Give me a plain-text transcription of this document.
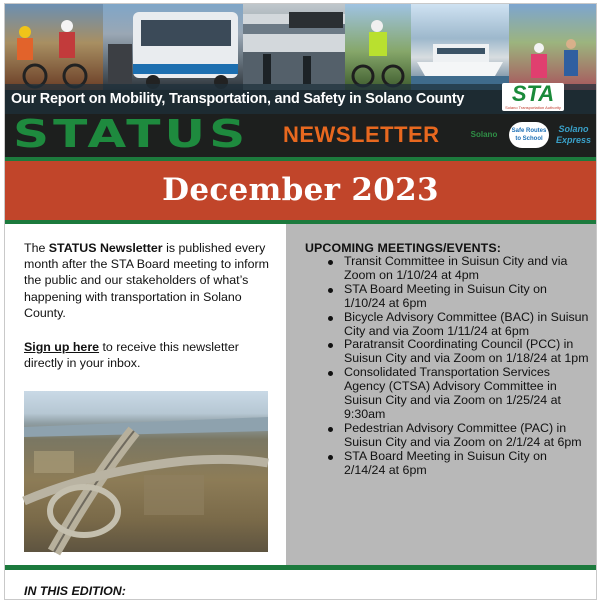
Our Report on Mobility, Transportation, and Safety in Solano County	STA
Solano Transportation Authority
STATUS NEWSLETTER	Solano	Safe Routes to School
Solano Express
December 2023

The STATUS Newsletter is published every month after the STA Board meeting to inform the public and our stakeholders of what’s happening with transportation in Solano County.

Sign up here to receive this newsletter directly in your inbox.

UPCOMING MEETINGS/EVENTS:
Transit Committee in Suisun City and via Zoom on 1/10/24 at 4pm
STA Board Meeting in Suisun City on 1/10/24 at 6pm
Bicycle Advisory Committee (BAC) in Suisun City and via Zoom 1/11/24 at 6pm
Paratransit Coordinating Council (PCC) in Suisun City and via Zoom on 1/18/24 at 1pm
Consolidated Transportation Services Agency (CTSA) Advisory Committee in Suisun City and via Zoom on 1/25/24 at 9:30am
Pedestrian Advisory Committee (PAC) in Suisun City and via Zoom on 2/1/24 at 6pm
STA Board Meeting in Suisun City on 2/14/24 at 6pm
IN THIS EDITION:
